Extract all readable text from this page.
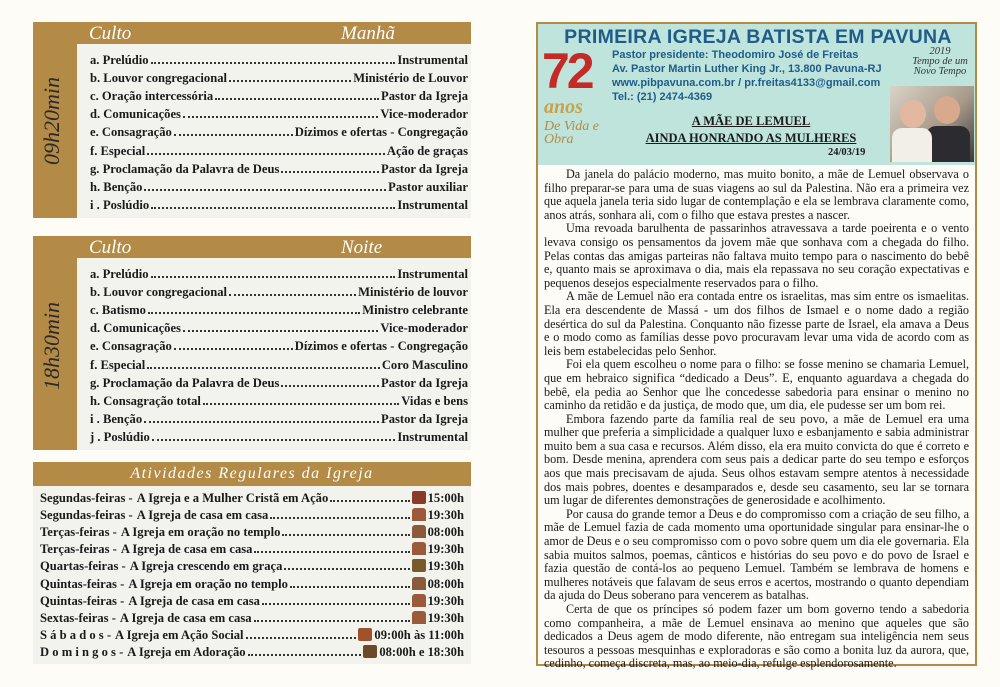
Culto	Manhã
09h20min
a. Prelúdio	Instrumental
b. Louvor congregacional	Ministério de Louvor
c. Oração intercessória	Pastor da Igreja
d. Comunicações	Vice-moderador
e. Consagração	Dízimos e ofertas - Congregação
f. Especial	Ação de graças
g. Proclamação da Palavra de Deus	Pastor da Igreja
h. Benção	Pastor auxiliar
i . Poslúdio	Instrumental
Culto	Noite
18h30min
a. Prelúdio	Instrumental
b. Louvor congregacional	Ministério de louvor
c. Batismo	Ministro celebrante
d. Comunicações	Vice-moderador
e. Consagração	Dízimos e ofertas - Congregação
f. Especial	Coro Masculino
g. Proclamação da Palavra de Deus	Pastor da Igreja
h. Consagração total	Vidas e bens
i . Benção	Pastor da Igreja
j . Poslúdio	Instrumental
Atividades Regulares da Igreja
Segundas-feiras - A Igreja e a Mulher Cristã em Ação	15:00h
Segundas-feiras - A Igreja de casa em casa	19:30h
Terças-feiras - A Igreja em oração no templo	08:00h
Terças-feiras - A Igreja de casa em casa	19:30h
Quartas-feiras - A Igreja crescendo em graça	19:30h
Quintas-feiras - A Igreja em oração no templo	08:00h
Quintas-feiras - A Igreja de casa em casa	19:30h
Sextas-feiras - A Igreja de casa em casa	19:30h
S á b a d o s - A Igreja em Ação Social	09:00h às 11:00h
D o m i n g o s - A Igreja em Adoração	08:00h e 18:30h
PRIMEIRA IGREJA BATISTA EM PAVUNA
72
anos
De Vida e Obra
Pastor presidente: Theodomiro José de Freitas
Av. Pastor Martin Luther King Jr., 13.800 Pavuna-RJ
www.pibpavuna.com.br / pr.freitas4133@gmail.com
Tel.: (21) 2474-4369
2019
Tempo de um
Novo Tempo
A MÃE DE LEMUEL
AINDA HONRANDO AS MULHERES
24/03/19

Da janela do palácio moderno, mas muito bonito, a mãe de Lemuel observava o filho preparar-se para uma de suas viagens ao sul da Palestina. Não era a primeira vez que aquela janela teria sido lugar de contemplação e ela se lembrava claramente como, anos atrás, sonhara ali, com o filho que estava prestes a nascer.

Uma revoada barulhenta de passarinhos atravessava a tarde poeirenta e o vento levava consigo os pensamentos da jovem mãe que sonhava com a chegada do filho. Pelas contas das amigas parteiras não faltava muito tempo para o nascimento do bebê e, quanto mais se aproximava o dia, mais ela repassava no seu coração expectativas e pequenos desejos especialmente reservados para o filho.

A mãe de Lemuel não era contada entre os israelitas, mas sim entre os ismaelitas. Ela era descendente de Massá - um dos filhos de Ismael e o nome dado a região desértica do sul da Palestina. Conquanto não fizesse parte de Israel, ela amava a Deus e o modo como as famílias desse povo procuravam levar uma vida de acordo com as leis bem estabelecidas pelo Senhor.

Foi ela quem escolheu o nome para o filho: se fosse menino se chamaria Lemuel, que em hebraico significa “dedicado a Deus”. E, enquanto aguardava a chegada do bebê, ela pedia ao Senhor que lhe concedesse sabedoria para ensinar o menino no caminho da retidão e da justiça, de modo que, um dia, ele pudesse ser um bom rei.

Embora fazendo parte da família real de seu povo, a mãe de Lemuel era uma mulher que preferia a simplicidade a qualquer luxo e esbanjamento e sabia administrar muito bem a sua casa e recursos. Além disso, ela era muito convicta do que é correto e bom. Desde menina, aprendera com seus pais a dedicar parte do seu tempo e esforços aos que mais precisavam de ajuda. Seus olhos estavam sempre atentos à necessidade dos mais pobres, doentes e desamparados e, desde seu casamento, seu lar se tornara um lugar de diferentes demonstrações de generosidade e acolhimento.

Por causa do grande temor a Deus e do compromisso com a criação de seu filho, a mãe de Lemuel fazia de cada momento uma oportunidade singular para ensinar-lhe o amor de Deus e o seu compromisso com o povo sobre quem um dia ele governaria. Ela sabia muitos salmos, poemas, cânticos e histórias do seu povo e do povo de Israel e fazia questão de contá-los ao pequeno Lemuel. Também se lembrava de homens e mulheres notáveis que falavam de seus erros e acertos, mostrando o quanto dependiam da ajuda do Deus soberano para vencerem as batalhas.

Certa de que os príncipes só podem fazer um bom governo tendo a sabedoria como companheira, a mãe de Lemuel ensinava ao menino que aqueles que são dedicados a Deus agem de modo diferente, não entregam sua inteligência nem seus tesouros a pessoas mesquinhas e exploradoras e são como a bonita luz da aurora, que, cedinho, começa discreta, mas, ao meio-dia, refulge esplendorosamente.
